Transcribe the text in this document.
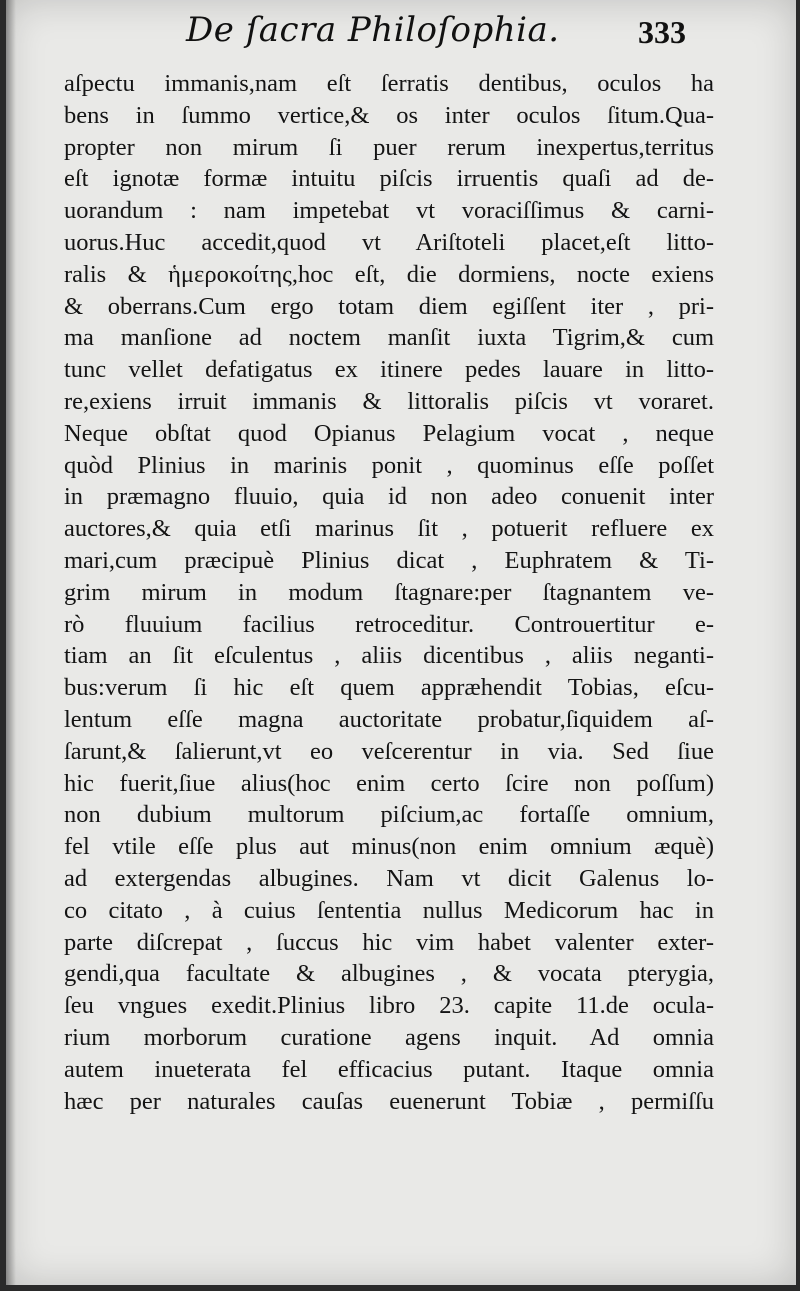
De ſacra Philoſophia. 333
aſpectu immanis,nam eſt ſerratis dentibus, oculos ha
bens in ſummo vertice,& os inter oculos ſitum.Qua-
propter non mirum ſi puer rerum inexpertus,territus
eſt ignotæ formæ intuitu piſcis irruentis quaſi ad de-
uorandum : nam impetebat vt voraciſſimus & carni-
uorus.Huc accedit,quod vt Ariſtoteli placet,eſt litto-
ralis & ἡμεροκοίτης,hoc eſt, die dormiens, nocte exiens
& oberrans.Cum ergo totam diem egiſſent iter , pri-
ma manſione ad noctem manſit iuxta Tigrim,& cum
tunc vellet defatigatus ex itinere pedes lauare in litto-
re,exiens irruit immanis & littoralis piſcis vt voraret.
Neque obſtat quod Opianus Pelagium vocat , neque
quòd Plinius in marinis ponit , quominus eſſe poſſet
in præmagno fluuio, quia id non adeo conuenit inter
auctores,& quia etſi marinus ſit , potuerit refluere ex
mari,cum præcipuè Plinius dicat , Euphratem & Ti-
grim mirum in modum ſtagnare:per ſtagnantem ve-
rò fluuium facilius retroceditur. Controuertitur e-
tiam an ſit eſculentus , aliis dicentibus , aliis neganti-
bus:verum ſi hic eſt quem appræhendit Tobias, eſcu-
lentum eſſe magna auctoritate probatur,ſiquidem aſ-
ſarunt,& ſalierunt,vt eo veſcerentur in via. Sed ſiue
hic fuerit,ſiue alius(hoc enim certo ſcire non poſſum)
non dubium multorum piſcium,ac fortaſſe omnium,
fel vtile eſſe plus aut minus(non enim omnium æquè)
ad extergendas albugines. Nam vt dicit Galenus lo-
co citato , à cuius ſententia nullus Medicorum hac in
parte diſcrepat , ſuccus hic vim habet valenter exter-
gendi,qua facultate & albugines , & vocata pterygia,
ſeu vngues exedit.Plinius libro 23. capite 11.de ocula-
rium morborum curatione agens inquit. Ad omnia
autem inueterata fel efficacius putant. Itaque omnia
hæc per naturales cauſas euenerunt Tobiæ , permiſſu
